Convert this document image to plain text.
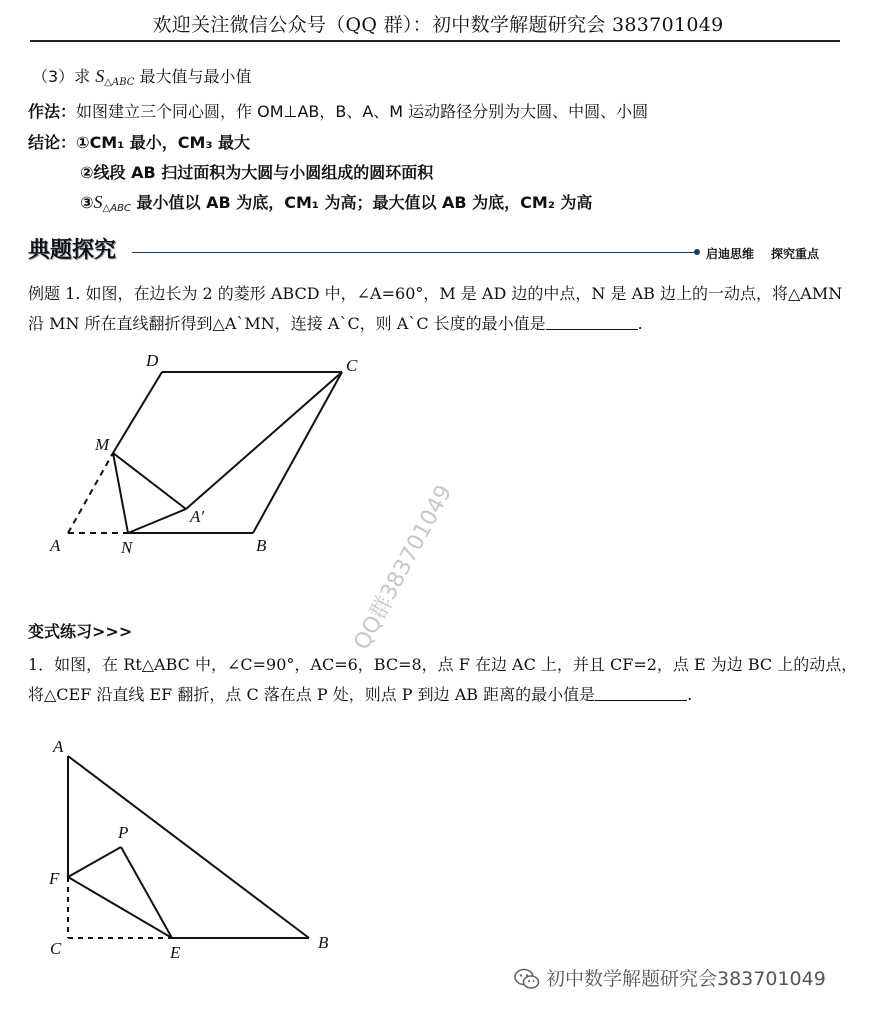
欢迎关注微信公众号（QQ 群）：初中数学解题研究会 383701049
（3）求 $S_{\triangle ABC}$ 最大值与最小值
作法：如图建立三个同心圆，作 OM⊥AB，B、A、M 运动路径分别为大圆、中圆、小圆
结论：①CM₁ 最小，CM₃ 最大
②线段 AB 扫过面积为大圆与小圆组成的圆环面积
$③S_{\triangle ABC}$ 最小值以 AB 为底，CM₁ 为高；最大值以 AB 为底，CM₂ 为高
典题探究	启迪思维 探究重点
例题 1. 如图，在边长为 2 的菱形 ABCD 中，∠A=60°，M 是 AD 边的中点，N 是 AB 边上的一动点，将△AMN
沿 MN 所在直线翻折得到△A`MN，连接 A`C，则 A`C 长度的最小值是	.
D	C
M
A′
A	N	B
变式练习>>>
1．如图，在 Rt△ABC 中，∠C=90°，AC=6，BC=8，点 F 在边 AC 上，并且 CF=2，点 E 为边 BC 上的动点，
将△CEF 沿直线 EF 翻折，点 C 落在点 P 处，则点 P 到边 AB 距离的最小值是	.
A
P
F
C	E
B
QQ群383701049
初中数学解题研究会383701049
